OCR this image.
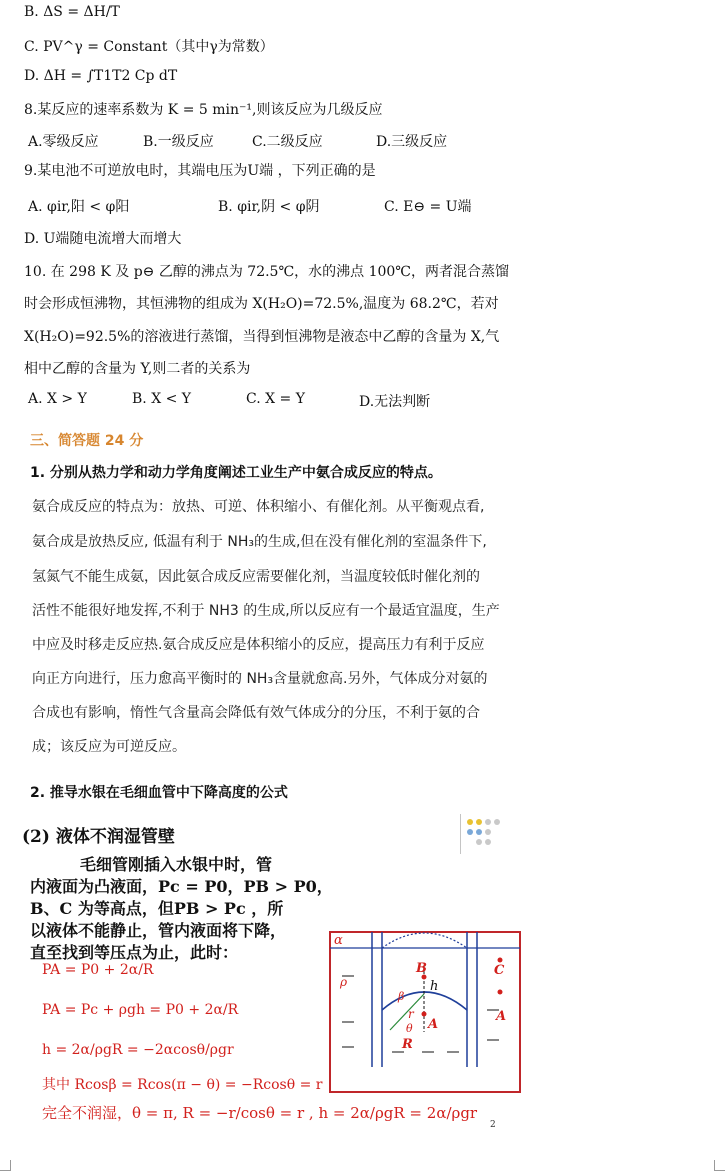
B. ΔS = ΔH/T
C. PV^γ = Constant（其中γ为常数）
D. ΔH = ∫T1T2 Cp dT
8.某反应的速率系数为 K = 5 min⁻¹,则该反应为几级反应
A.零级反应	B.一级反应	C.二级反应	D.三级反应
9.某电池不可逆放电时，其端电压为U端 ，下列正确的是
A. φir,阳 < φ阳	B. φir,阴 < φ阴	C. E⊖ = U端
D. U端随电流增大而增大
10. 在 298 K 及 p⊖ 乙醇的沸点为 72.5℃，水的沸点 100℃，两者混合蒸馏
时会形成恒沸物，其恒沸物的组成为 X(H₂O)=72.5%,温度为 68.2℃，若对
X(H₂O)=92.5%的溶液进行蒸馏，当得到恒沸物是液态中乙醇的含量为 X,气
相中乙醇的含量为 Y,则二者的关系为
A. X > Y	B. X < Y	C. X = Y	D.无法判断
三、简答题 24 分
1. 分别从热力学和动力学角度阐述工业生产中氨合成反应的特点。
氨合成反应的特点为：放热、可逆、体积缩小、有催化剂。从平衡观点看,
氨合成是放热反应, 低温有利于 NH₃的生成,但在没有催化剂的室温条件下,
氢氮气不能生成氨，因此氨合成反应需要催化剂，当温度较低时催化剂的
活性不能很好地发挥,不利于 NH3 的生成,所以反应有一个最适宜温度，生产
中应及时移走反应热.氨合成反应是体积缩小的反应，提高压力有利于反应
向正方向进行，压力愈高平衡时的 NH₃含量就愈高.另外，气体成分对氨的
合成也有影响，惰性气含量高会降低有效气体成分的分压，不利于氨的合
成；该反应为可逆反应。
2. 推导水银在毛细血管中下降高度的公式
(2) 液体不润湿管壁
毛细管刚插入水银中时，管
内液面为凸液面，Pc = P0，PB > P0，
B、C 为等高点，但PB > Pc ，所
以液体不能静止，管内液面将下降，
直至找到等压点为止，此时：
PA = P0 + 2α/R
PA = Pc + ρgh = P0 + 2α/R
h = 2α/ρgR = −2αcosθ/ρgr
其中 Rcosβ = Rcos(π − θ) = −Rcosθ = r
完全不润湿，θ = π, R = −r/cosθ = r , h = 2α/ρgR = 2α/ρgr
α
ρ
B
h
C
β
r
θ A
R
A
2
